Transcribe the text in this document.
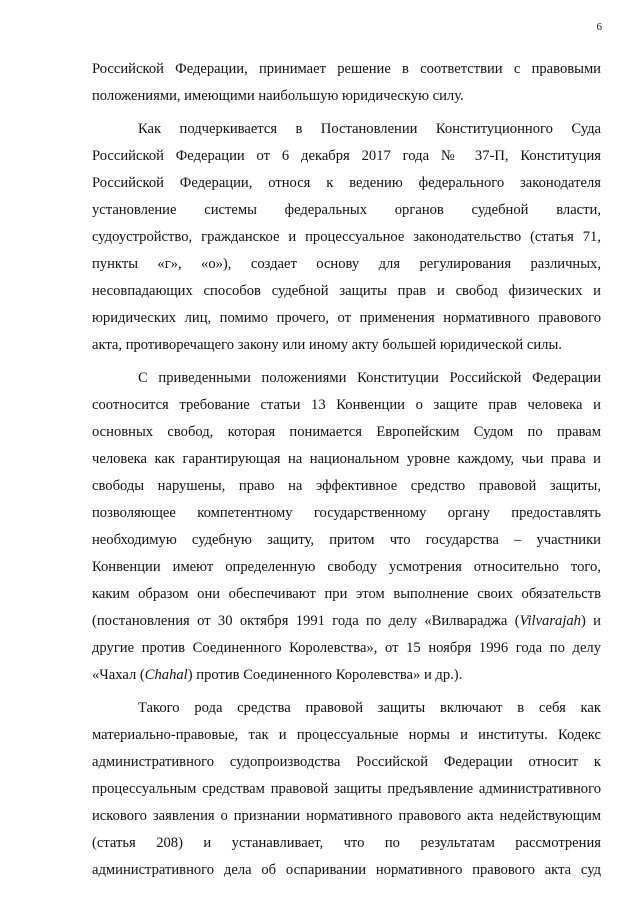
6
Российской Федерации, принимает решение в соответствии с правовыми
положениями, имеющими наибольшую юридическую силу.
Как подчеркивается в Постановлении Конституционного Суда
Российской Федерации от 6 декабря 2017 года № 37-П, Конституция
Российской Федерации, относя к ведению федерального законодателя
установление системы федеральных органов судебной власти,
судоустройство, гражданское и процессуальное законодательство (статья 71,
пункты «г», «о»), создает основу для регулирования различных,
несовпадающих способов судебной защиты прав и свобод физических и
юридических лиц, помимо прочего, от применения нормативного правового
акта, противоречащего закону или иному акту большей юридической силы.
С приведенными положениями Конституции Российской Федерации
соотносится требование статьи 13 Конвенции о защите прав человека и
основных свобод, которая понимается Европейским Судом по правам
человека как гарантирующая на национальном уровне каждому, чьи права и
свободы нарушены, право на эффективное средство правовой защиты,
позволяющее компетентному государственному органу предоставлять
необходимую судебную защиту, притом что государства – участники
Конвенции имеют определенную свободу усмотрения относительно того,
каким образом они обеспечивают при этом выполнение своих обязательств
(постановления от 30 октября 1991 года по делу «Вилвараджа (Vilvarajah) и
другие против Соединенного Королевства», от 15 ноября 1996 года по делу
«Чахал (Chahal) против Соединенного Королевства» и др.).
Такого рода средства правовой защиты включают в себя как
материально-правовые, так и процессуальные нормы и институты. Кодекс
административного судопроизводства Российской Федерации относит к
процессуальным средствам правовой защиты предъявление административного
искового заявления о признании нормативного правового акта недействующим
(статья 208) и устанавливает, что по результатам рассмотрения
административного дела об оспаривании нормативного правового акта суд
